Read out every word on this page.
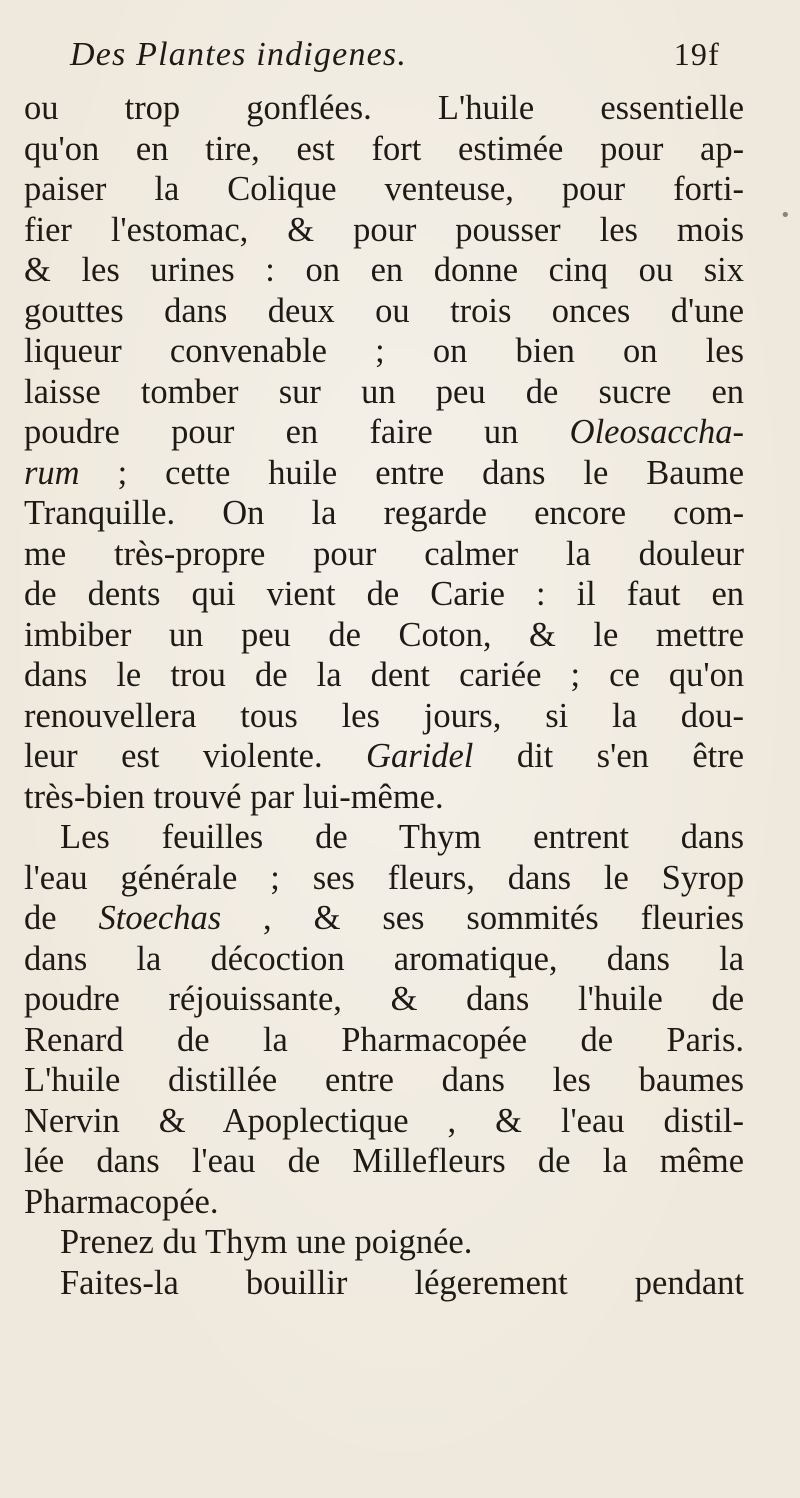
Des Plantes indigenes.	19f
ou trop gonflées. L'huile essentielle
qu'on en tire, est fort estimée pour ap-
paiser la Colique venteuse, pour forti-
fier l'estomac, & pour pousser les mois
& les urines : on en donne cinq ou six
gouttes dans deux ou trois onces d'une
liqueur convenable ; on bien on les
laisse tomber sur un peu de sucre en
poudre pour en faire un Oleosaccha-
rum ; cette huile entre dans le Baume
Tranquille. On la regarde encore com-
me très-propre pour calmer la douleur
de dents qui vient de Carie : il faut en
imbiber un peu de Coton, & le mettre
dans le trou de la dent cariée ; ce qu'on
renouvellera tous les jours, si la dou-
leur est violente. Garidel dit s'en être
très-bien trouvé par lui-même.
Les feuilles de Thym entrent dans
l'eau générale ; ses fleurs, dans le Syrop
de Stoechas , & ses sommités fleuries
dans la décoction aromatique, dans la
poudre réjouissante, & dans l'huile de
Renard de la Pharmacopée de Paris.
L'huile distillée entre dans les baumes
Nervin & Apoplectique , & l'eau distil-
lée dans l'eau de Millefleurs de la même
Pharmacopée.
Prenez du Thym une poignée.
Faites-la bouillir légerement pendant
•
